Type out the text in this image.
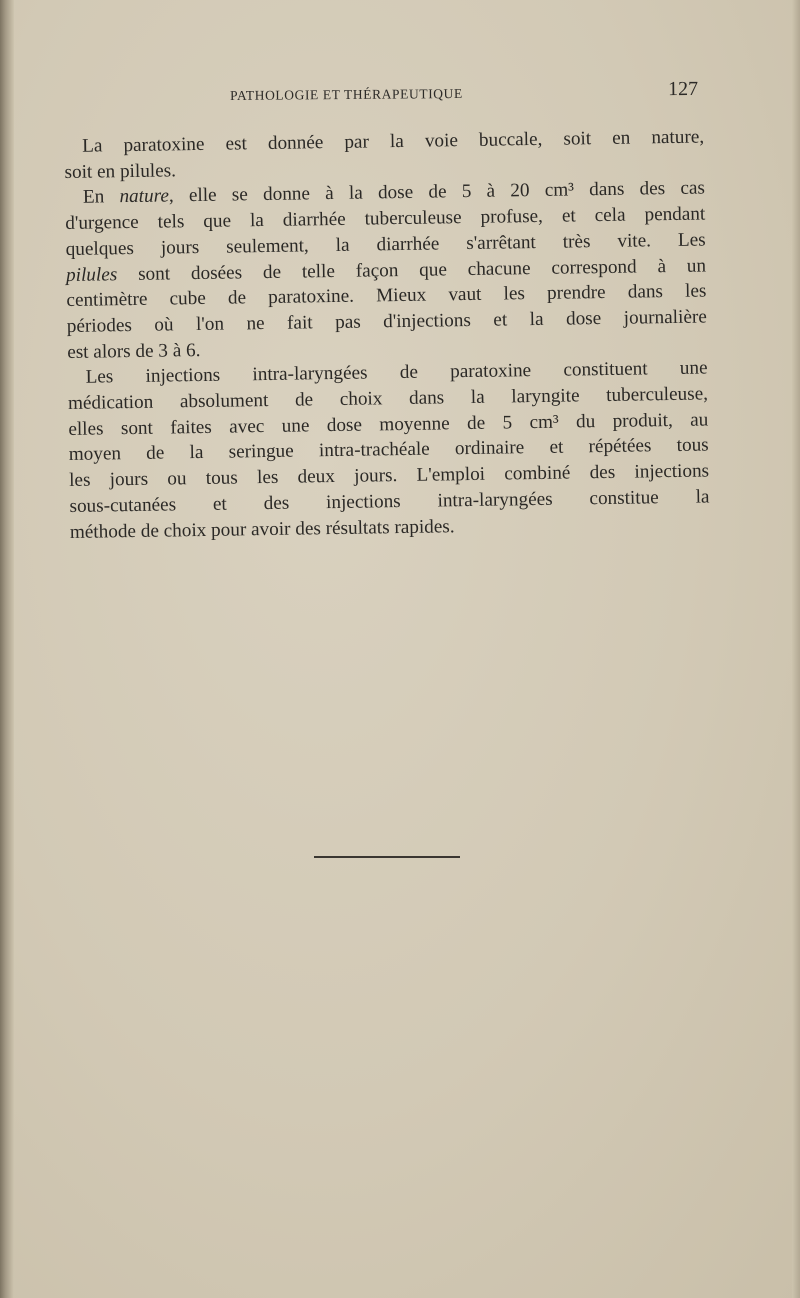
PATHOLOGIE ET THÉRAPEUTIQUE	127
La paratoxine est donnée par la voie buccale, soit en nature,
soit en pilules.
En nature, elle se donne à la dose de 5 à 20 cm³ dans des cas
d'urgence tels que la diarrhée tuberculeuse profuse, et cela pendant
quelques jours seulement, la diarrhée s'arrêtant très vite. Les
pilules sont dosées de telle façon que chacune correspond à un
centimètre cube de paratoxine. Mieux vaut les prendre dans les
périodes où l'on ne fait pas d'injections et la dose journalière
est alors de 3 à 6.
Les injections intra-laryngées de paratoxine constituent une
médication absolument de choix dans la laryngite tuberculeuse,
elles sont faites avec une dose moyenne de 5 cm³ du produit, au
moyen de la seringue intra-trachéale ordinaire et répétées tous
les jours ou tous les deux jours. L'emploi combiné des injections
sous-cutanées et des injections intra-laryngées constitue la
méthode de choix pour avoir des résultats rapides.
